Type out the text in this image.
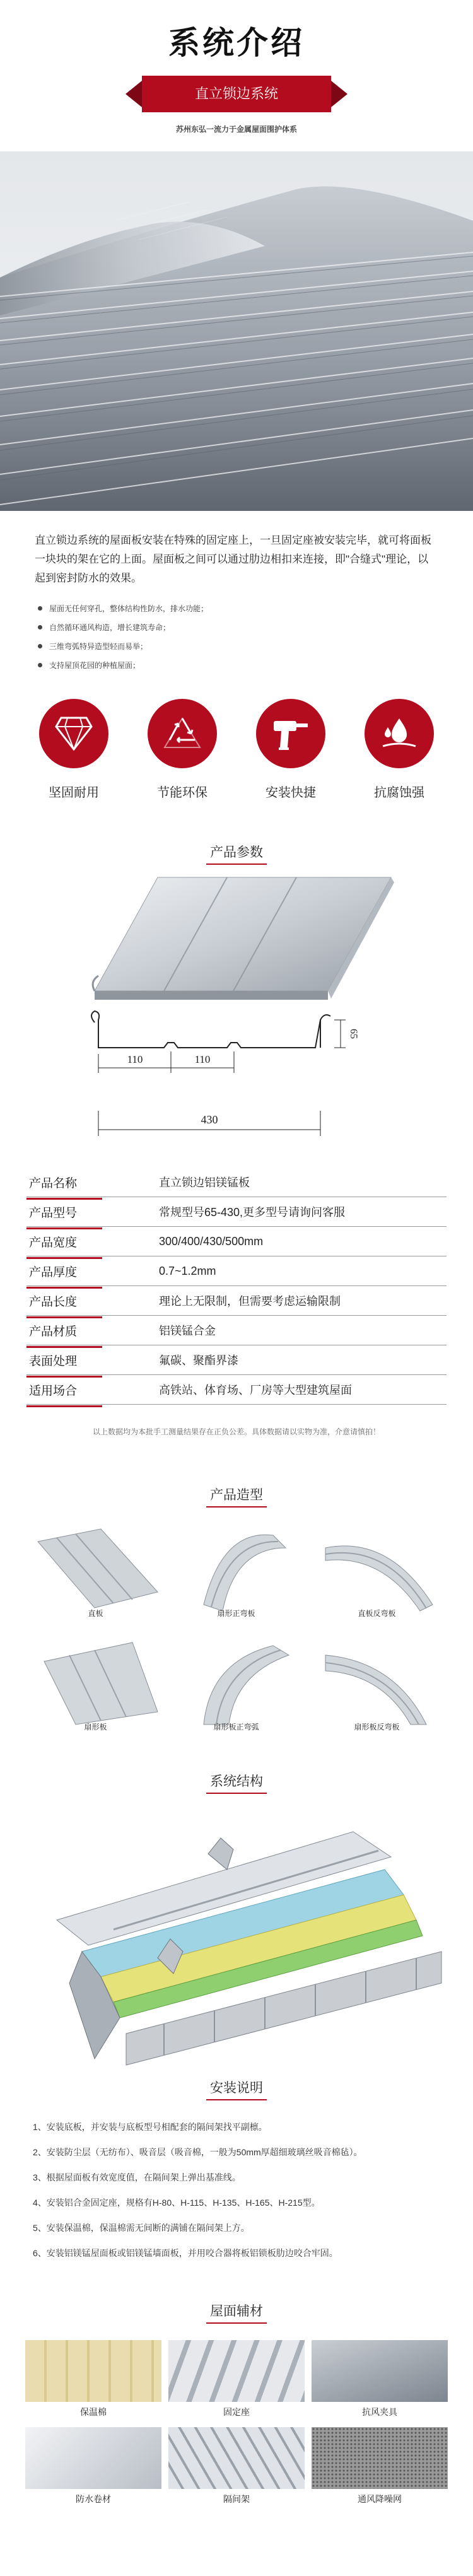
系统介绍
直立锁边系统
苏州东弘一流力于金属屋面围护体系

直立锁边系统的屋面板安装在特殊的固定座上，一旦固定座被安装完毕，就可将面板一块块的架在它的上面。屋面板之间可以通过肋边相扣来连接，即"合缝式"理论，以起到密封防水的效果。

屋面无任何穿孔，整体结构性防水，排水功能；
自然循环通风构造，增长建筑寿命；
三维弯弧特异造型轻而易举；
支持屋顶花园的种植屋面；
坚固耐用	节能环保	安装快捷	抗腐蚀强
产品参数
110	110
430
65
产品名称	直立锁边铝镁锰板
产品型号	常规型号65-430,更多型号请询问客服
产品宽度	300/400/430/500mm
产品厚度	0.7~1.2mm
产品长度	理论上无限制，但需要考虑运输限制
产品材质	铝镁锰合金
表面处理	氟碳、聚酯界漆
适用场合	高铁站、体育场、厂房等大型建筑屋面
以上数据均为本批手工测量结果存在正负公差。具体数据请以实物为准，介意请慎拍！
产品造型
直板	扇形正弯板	直板反弯板
扇形板	扇形板正弯弧	扇形板反弯板
系统结构
安装说明
1、安装底板，并安装与底板型号相配套的隔间架找平副檩。
2、安装防尘层（无纺布）、吸音层（吸音棉，一般为50mm厚超细玻璃丝吸音棉毡）。
3、根据屋面板有效宽度值，在隔间架上弹出基准线。
4、安装铝合金固定座，规格有H-80、H-115、H-135、H-165、H-215型。
5、安装保温棉，保温棉需无间断的满铺在隔间架上方。
6、安装铝镁锰屋面板或铝镁锰墙面板，并用咬合器将板铝锁板肋边咬合牢固。
屋面辅材
保温棉	固定座	抗风夹具
防水卷材	隔间架	通风降噪网
